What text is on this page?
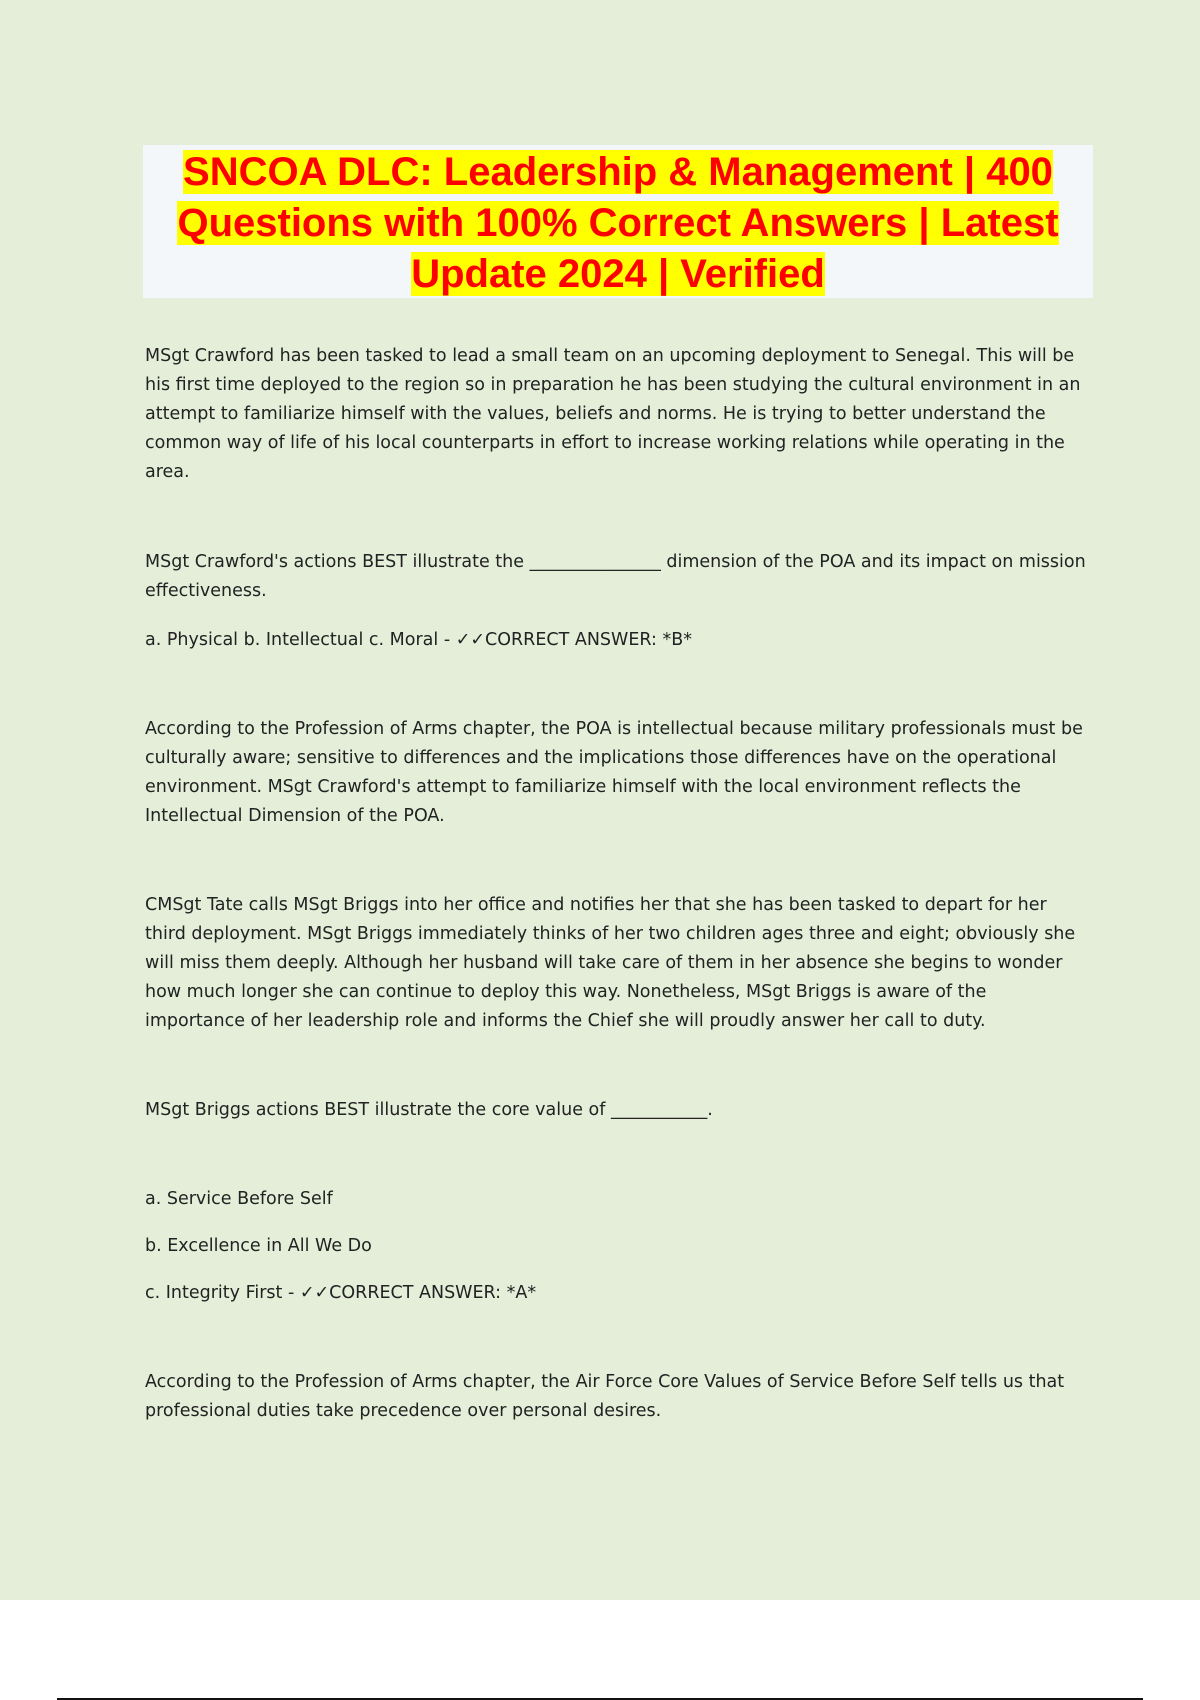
SNCOA DLC: Leadership & Management | 400 Questions with 100% Correct Answers | Latest Update 2024 | Verified

MSgt Crawford has been tasked to lead a small team on an upcoming deployment to Senegal. This will be his first time deployed to the region so in preparation he has been studying the cultural environment in an attempt to familiarize himself with the values, beliefs and norms. He is trying to better understand the common way of life of his local counterparts in effort to increase working relations while operating in the area.

MSgt Crawford's actions BEST illustrate the _______________ dimension of the POA and its impact on mission effectiveness.

a. Physical b. Intellectual c. Moral - ✓✓CORRECT ANSWER: *B*

According to the Profession of Arms chapter, the POA is intellectual because military professionals must be culturally aware; sensitive to differences and the implications those differences have on the operational environment. MSgt Crawford's attempt to familiarize himself with the local environment reflects the Intellectual Dimension of the POA.

CMSgt Tate calls MSgt Briggs into her office and notifies her that she has been tasked to depart for her third deployment. MSgt Briggs immediately thinks of her two children ages three and eight; obviously she will miss them deeply. Although her husband will take care of them in her absence she begins to wonder how much longer she can continue to deploy this way. Nonetheless, MSgt Briggs is aware of the importance of her leadership role and informs the Chief she will proudly answer her call to duty.

MSgt Briggs actions BEST illustrate the core value of ___________.

a. Service Before Self

b. Excellence in All We Do

c. Integrity First - ✓✓CORRECT ANSWER: *A*

According to the Profession of Arms chapter, the Air Force Core Values of Service Before Self tells us that professional duties take precedence over personal desires.
